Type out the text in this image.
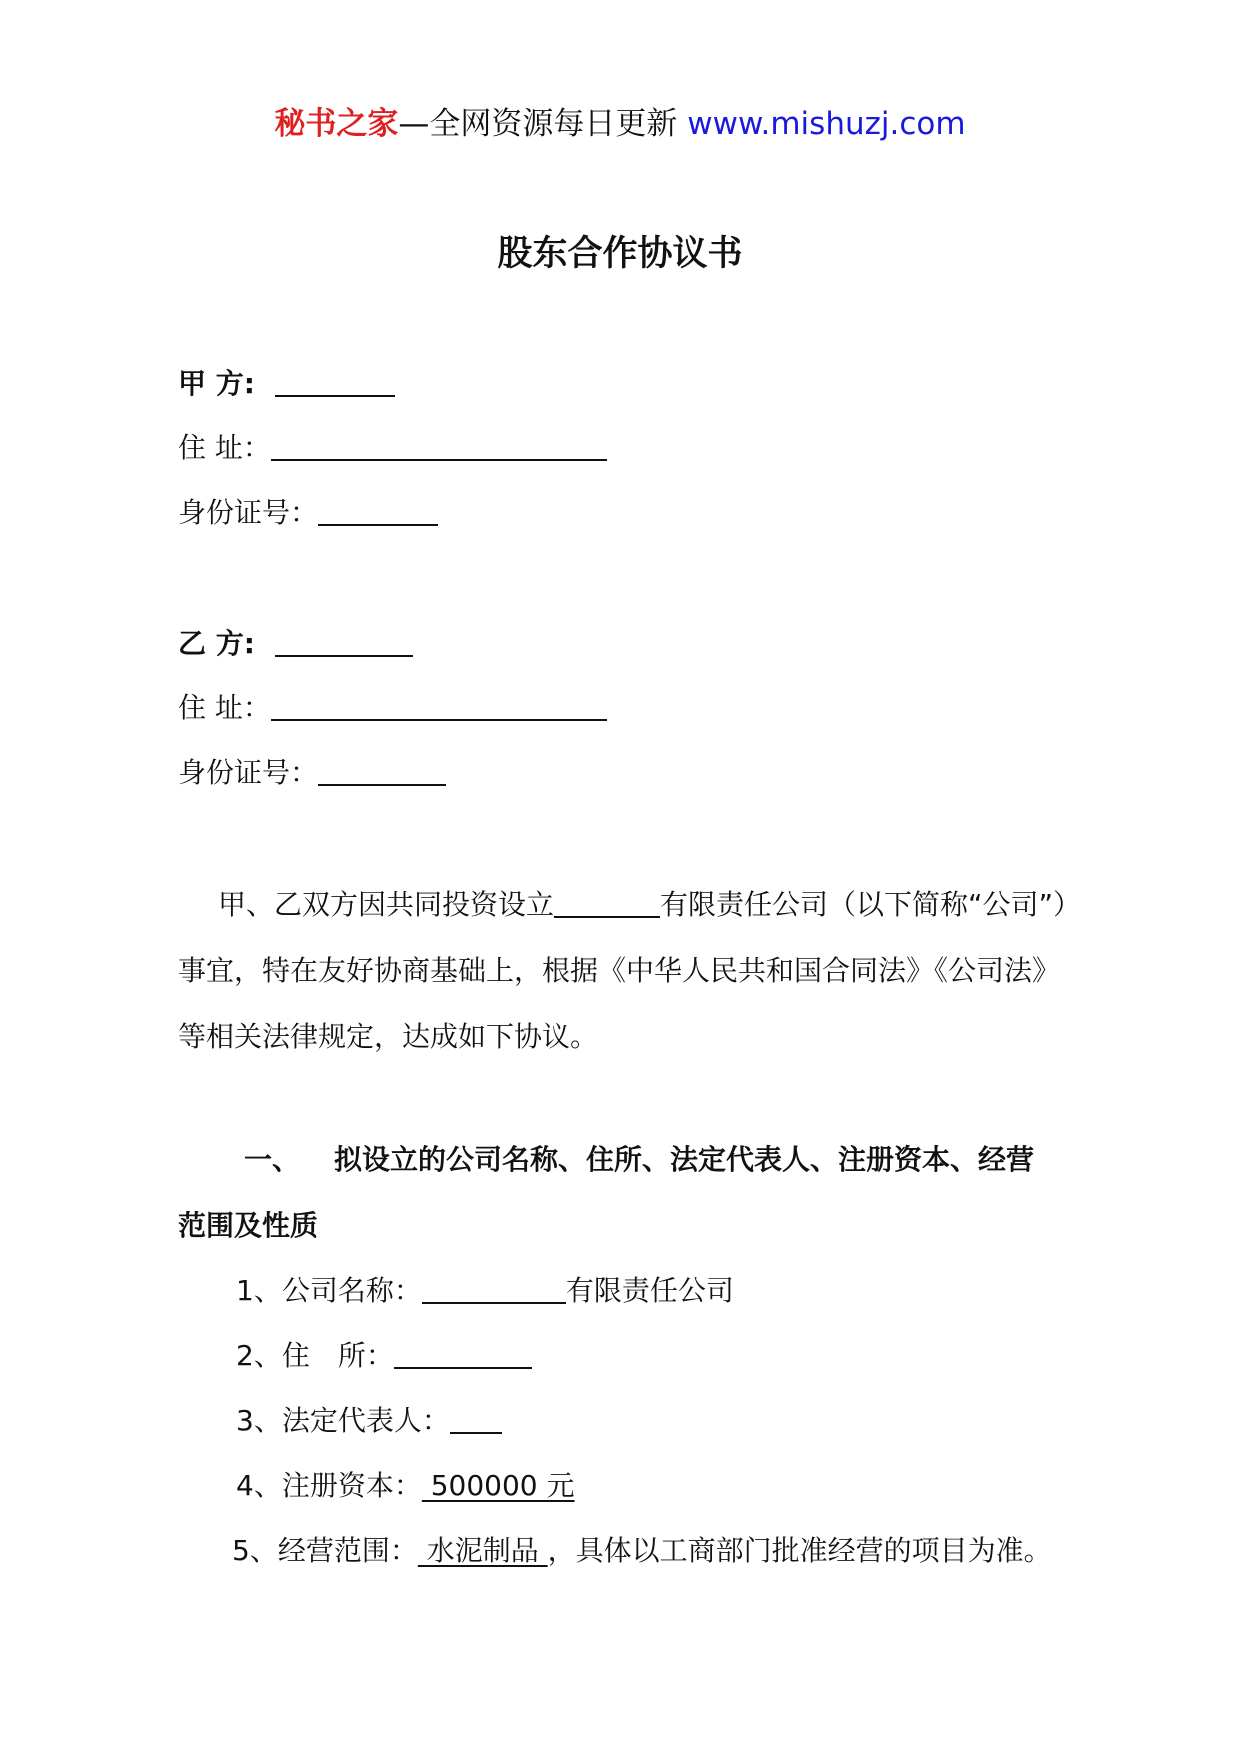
秘书之家—全网资源每日更新 www.mishuzj.com
股东合作协议书
甲 方:
住 址：
身份证号：
乙 方:
住 址：
身份证号：
甲、乙双方因共同投资设立	有限责任公司（以下简称“公司”）事宜，特在友好协商基础上，根据《中华人民共和国合同法》《公司法》等相关法律规定，达成如下协议。
一、 拟设立的公司名称、住所、法定代表人、注册资本、经营
范围及性质
1、公司名称：	有限责任公司
2、住　所：
3、法定代表人：
4、注册资本： 500000 元
5、经营范围： 水泥制品 ，具体以工商部门批准经营的项目为准。
